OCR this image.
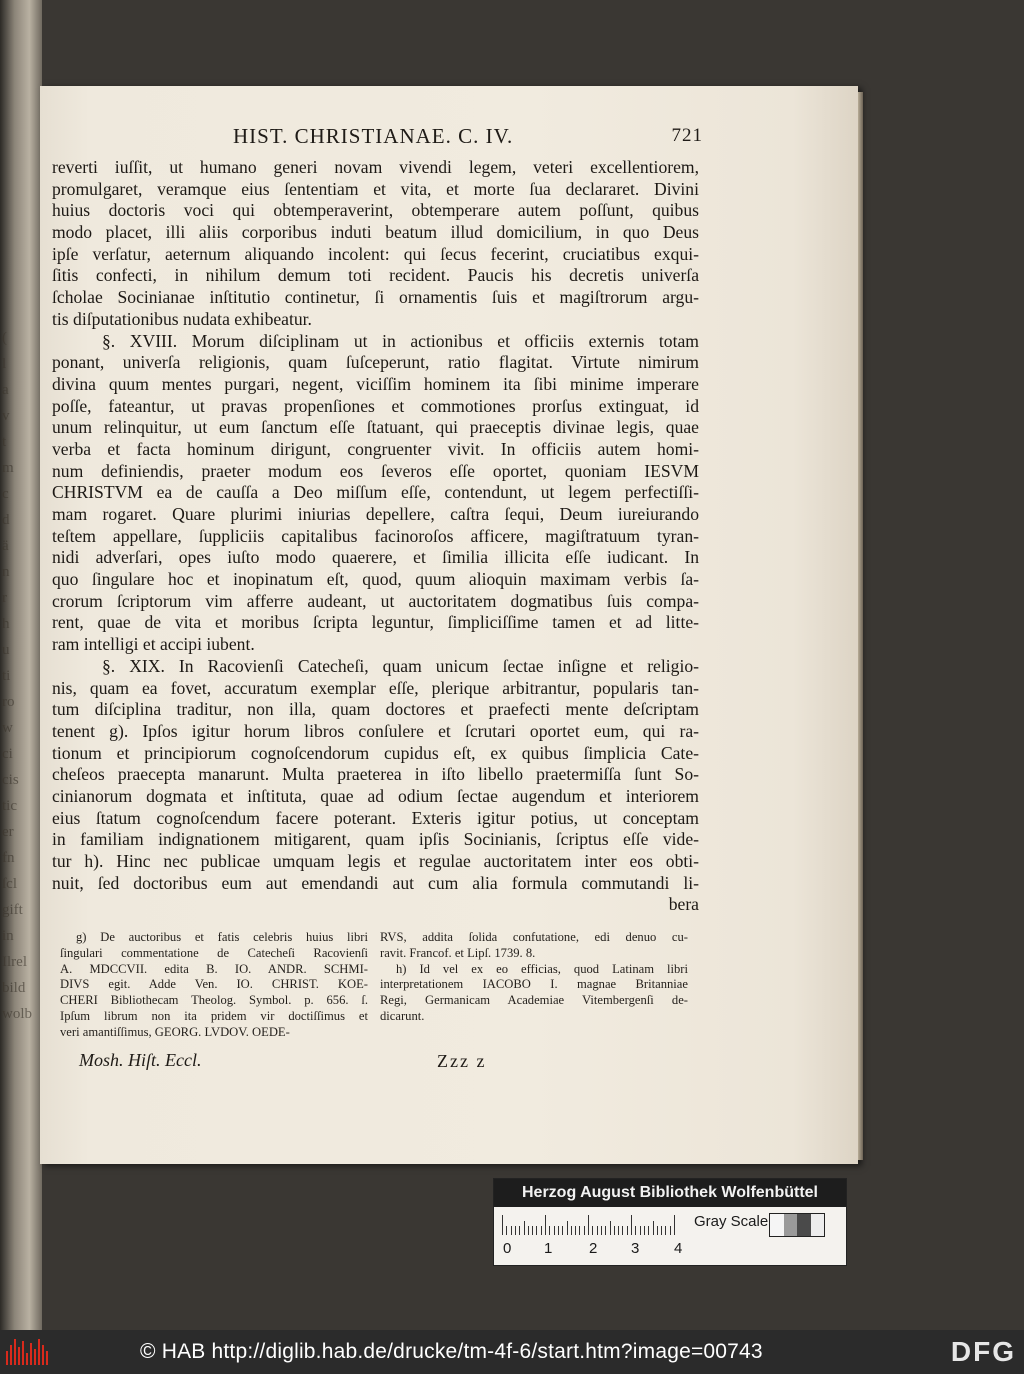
(
l
a
v
t
m
c
d
ä
n
r
h
u
ti
ro
w
ci
cis
tic
er
fn
ſcl
gift
in
Ilrel
bild
wolb
HIST. CHRISTIANAE. C. IV.	721
reverti iuſſit, ut humano generi novam vivendi legem, veteri excellentiorem,
promulgaret, veramque eius ſententiam et vita, et morte ſua declararet. Divini
huius doctoris voci qui obtemperaverint, obtemperare autem poſſunt, quibus
modo placet, illi aliis corporibus induti beatum illud domicilium, in quo Deus
ipſe verſatur, aeternum aliquando incolent: qui ſecus fecerint, cruciatibus exqui-
ſitis confecti, in nihilum demum toti recident. Paucis his decretis univerſa
ſcholae Socinianae inſtitutio continetur, ſi ornamentis ſuis et magiſtrorum argu-
tis diſputationibus nudata exhibeatur.
§. XVIII. Morum diſciplinam ut in actionibus et officiis externis totam
ponant, univerſa religionis, quam ſuſceperunt, ratio flagitat. Virtute nimirum
divina quum mentes purgari, negent, viciſſim hominem ita ſibi minime imperare
poſſe, fateantur, ut pravas propenſiones et commotiones prorſus extinguat, id
unum relinquitur, ut eum ſanctum eſſe ſtatuant, qui praeceptis divinae legis, quae
verba et facta hominum dirigunt, congruenter vivit. In officiis autem homi-
num definiendis, praeter modum eos ſeveros eſſe oportet, quoniam IESVM
CHRISTVM ea de cauſſa a Deo miſſum eſſe, contendunt, ut legem perfectiſſi-
mam rogaret. Quare plurimi iniurias depellere, caſtra ſequi, Deum iureiurando
teſtem appellare, ſuppliciis capitalibus facinoroſos afficere, magiſtratuum tyran-
nidi adverſari, opes iuſto modo quaerere, et ſimilia illicita eſſe iudicant. In
quo ſingulare hoc et inopinatum eſt, quod, quum alioquin maximam verbis ſa-
crorum ſcriptorum vim afferre audeant, ut auctoritatem dogmatibus ſuis compa-
rent, quae de vita et moribus ſcripta leguntur, ſimpliciſſime tamen et ad litte-
ram intelligi et accipi iubent.
§. XIX. In Racovienſi Catecheſi, quam unicum ſectae inſigne et religio-
nis, quam ea fovet, accuratum exemplar eſſe, plerique arbitrantur, popularis tan-
tum diſciplina traditur, non illa, quam doctores et praefecti mente deſcriptam
tenent g). Ipſos igitur horum libros conſulere et ſcrutari oportet eum, qui ra-
tionum et principiorum cognoſcendorum cupidus eſt, ex quibus ſimplicia Cate-
cheſeos praecepta manarunt. Multa praeterea in iſto libello praetermiſſa ſunt So-
cinianorum dogmata et inſtituta, quae ad odium ſectae augendum et interiorem
eius ſtatum cognoſcendum facere poterant. Exteris igitur potius, ut conceptam
in familiam indignationem mitigarent, quam ipſis Socinianis, ſcriptus eſſe vide-
tur h). Hinc nec publicae umquam legis et regulae auctoritatem inter eos obti-
nuit, ſed doctoribus eum aut emendandi aut cum alia formula commutandi li-
bera
g) De auctoribus et fatis celebris huius libri
ſingulari commentatione de Catecheſi Racovienſi
A. MDCCVII. edita B. IO. ANDR. SCHMI-
DIVS egit. Adde Ven. IO. CHRIST. KOE-
CHERI Bibliothecam Theolog. Symbol. p. 656. ſ.
Ipſum librum non ita pridem vir doctiſſimus et
veri amantiſſimus, GEORG. LVDOV. OEDE-
RVS, addita ſolida confutatione, edi denuo cu-
ravit. Francof. et Lipſ. 1739. 8.
h) Id vel ex eo efficias, quod Latinam libri
interpretationem IACOBO I. magnae Britanniae
Regi, Germanicam Academiae Vitembergenſi de-
dicarunt.
Mosh. Hiſt. Eccl.	Zzz z
Herzog August Bibliothek Wolfenbüttel
0 1 2 3 4
Gray Scale
© HAB http://diglib.hab.de/drucke/tm-4f-6/start.htm?image=00743	DFG
